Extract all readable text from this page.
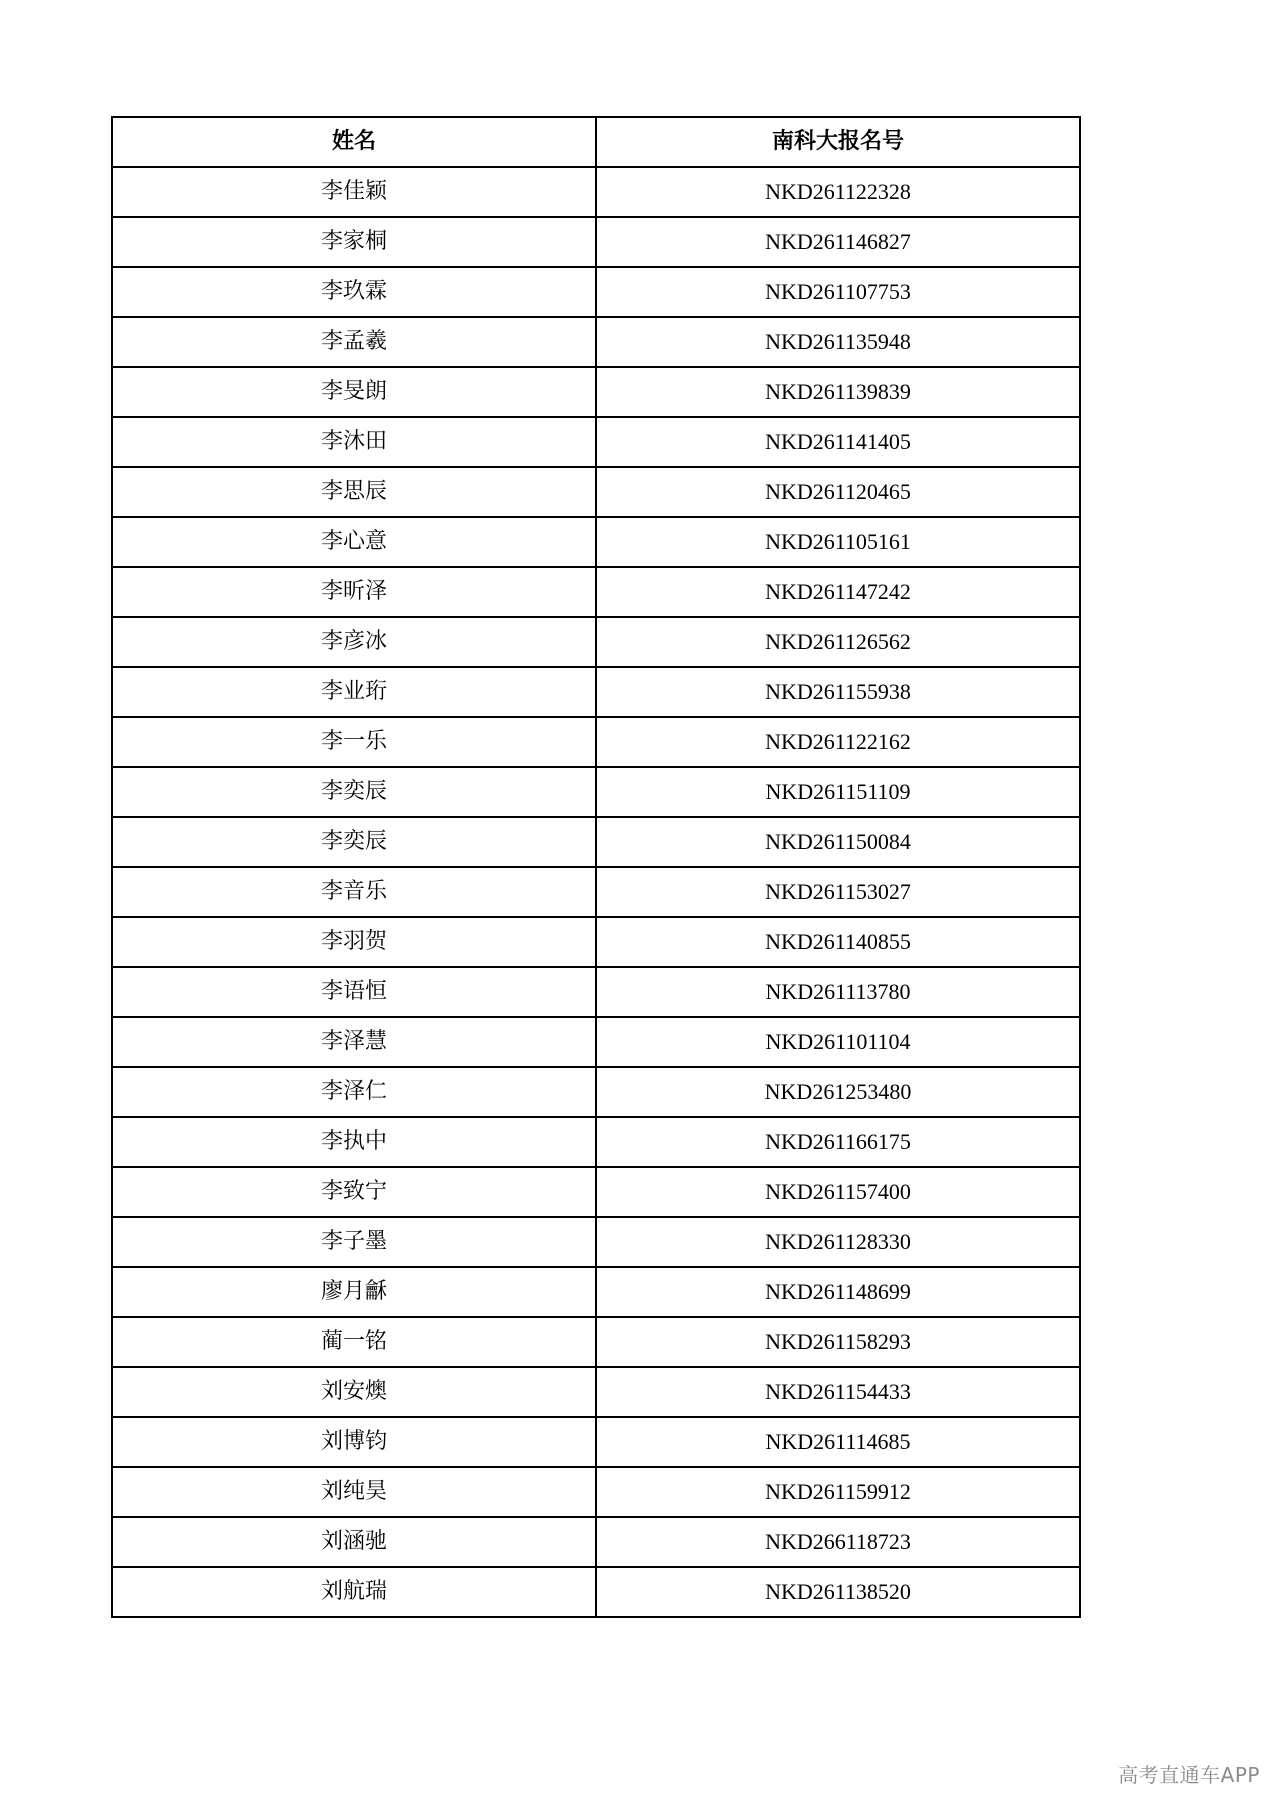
姓名	南科大报名号
李佳颖	NKD261122328
李家桐	NKD261146827
李玖霖	NKD261107753
李孟羲	NKD261135948
李旻朗	NKD261139839
李沐田	NKD261141405
李思辰	NKD261120465
李心意	NKD261105161
李昕泽	NKD261147242
李彦冰	NKD261126562
李业珩	NKD261155938
李一乐	NKD261122162
李奕辰	NKD261151109
李奕辰	NKD261150084
李音乐	NKD261153027
李羽贺	NKD261140855
李语恒	NKD261113780
李泽慧	NKD261101104
李泽仁	NKD261253480
李执中	NKD261166175
李致宁	NKD261157400
李子墨	NKD261128330
廖月龢	NKD261148699
蔺一铭	NKD261158293
刘安燠	NKD261154433
刘博钧	NKD261114685
刘纯昊	NKD261159912
刘涵驰	NKD266118723
刘航瑞	NKD261138520
高考直通车APP
